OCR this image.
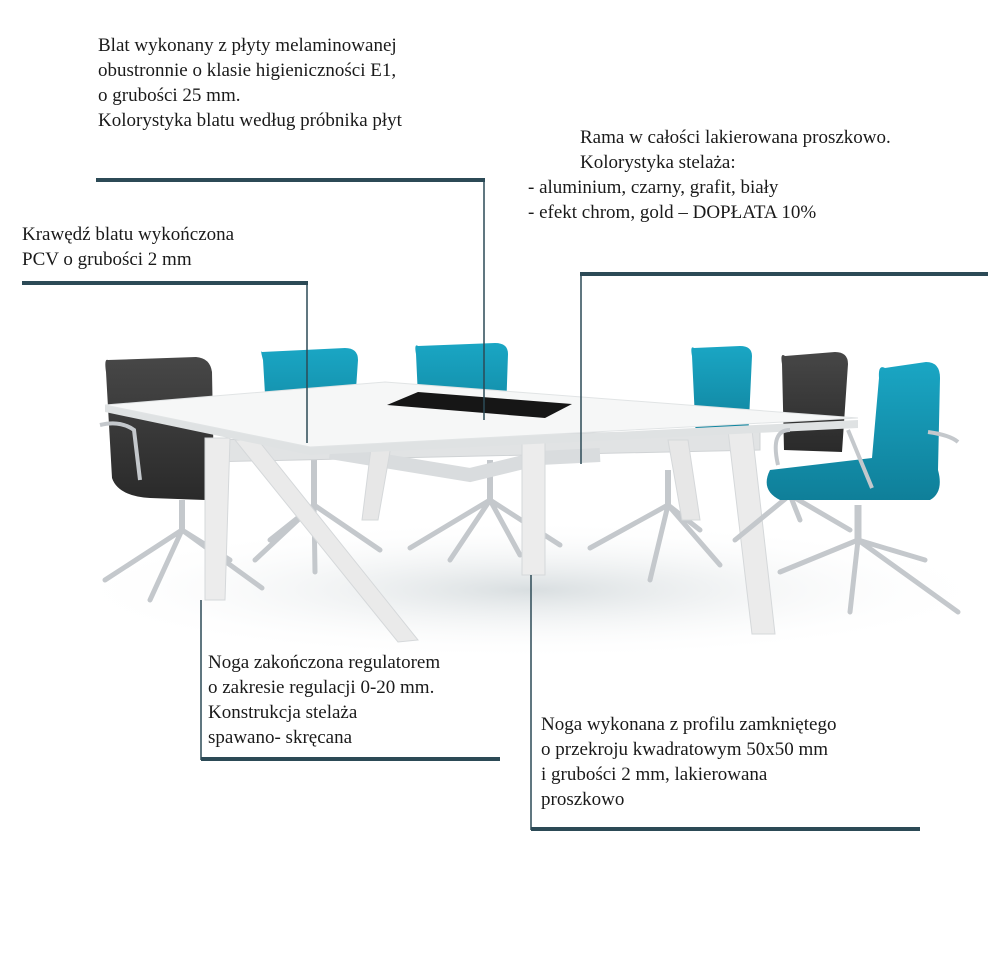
Blat wykonany z płyty melaminowanej
obustronnie o klasie higieniczności E1,
o grubości 25 mm.
Kolorystyka blatu według próbnika płyt
Krawędź blatu wykończona
PCV o grubości 2 mm
Rama w całości lakierowana proszkowo.
Kolorystyka stelaża:
- aluminium, czarny, grafit, biały
- efekt chrom, gold – DOPŁATA 10%
Noga zakończona regulatorem
o zakresie regulacji 0-20 mm.
Konstrukcja stelaża
spawano- skręcana
Noga wykonana z profilu zamkniętego
o przekroju kwadratowym 50x50 mm
i grubości 2 mm, lakierowana
proszkowo
